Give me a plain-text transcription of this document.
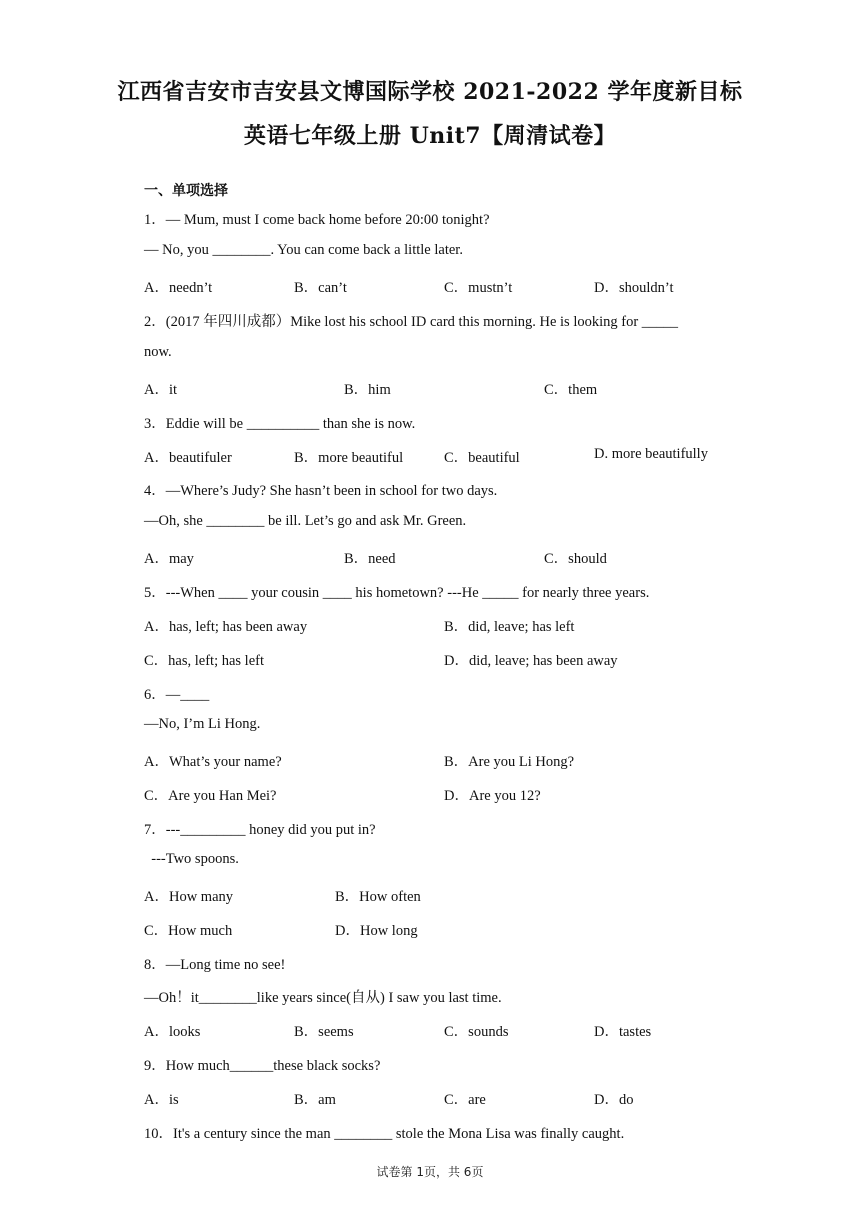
江西省吉安市吉安县文博国际学校 2021-2022 学年度新目标
英语七年级上册 Unit7【周清试卷】
一、单项选择
1．— Mum, must I come back home before 20:00 tonight?
— No, you ________. You can come back a little later.
A．needn’t	B．can’t	C．mustn’t	D．shouldn’t
2．(2017 年四川成都）Mike lost his school ID card this morning. He is looking for _____
now.
A．it	B．him	C．them
3．Eddie will be __________ than she is now.
A．beautifuler	B．more beautiful	C．beautiful	D. more beautifully
4．—Where’s Judy? She hasn’t been in school for two days.
—Oh, she ________ be ill. Let’s go and ask Mr. Green.
A．may	B．need	C．should
5．---When ____ your cousin ____ his hometown? ---He _____ for nearly three years.
A．has, left; has been away	B．did, leave; has left
C．has, left; has left	D．did, leave; has been away
6．—____
—No, I’m Li Hong.
A．What’s your name?	B．Are you Li Hong?
C．Are you Han Mei?	D．Are you 12?
7．---_________ honey did you put in?
---Two spoons.
A．How many	B．How often
C．How much	D．How long
8．—Long time no see!
—Oh！it________like years since(自从) I saw you last time.
A．looks	B．seems	C．sounds	D．tastes
9．How much______these black socks?
A．is	B．am	C．are	D．do
10．It's a century since the man ________ stole the Mona Lisa was finally caught.
试卷第 1页，共 6页
